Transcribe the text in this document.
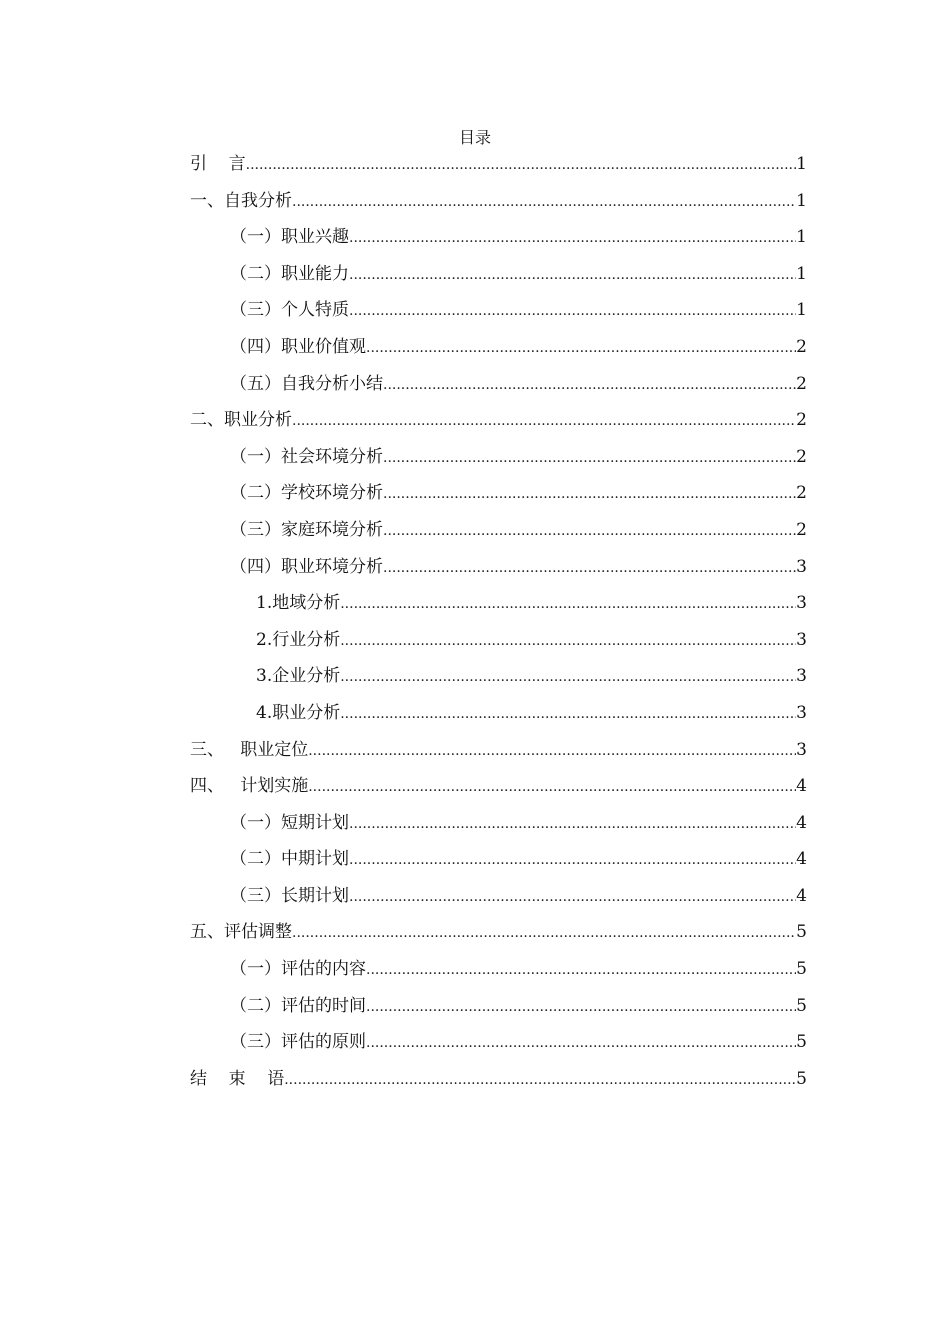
目录
引    言 .....	1
一、自我分析 .....	1
（一）职业兴趣 .....	1
（二）职业能力 .....	1
（三）个人特质 .....	1
（四）职业价值观 .....	2
（五）自我分析小结 .....	2
二、职业分析 .....	2
（一）社会环境分析 .....	2
（二）学校环境分析 .....	2
（三）家庭环境分析 .....	2
（四）职业环境分析 .....	3
1.地域分析 .....	3
2.行业分析 .....	3
3.企业分析 .....	3
4.职业分析 .....	3
三、   职业定位 .....	3
四、   计划实施 .....	4
（一）短期计划 .....	4
（二）中期计划 .....	4
（三）长期计划 .....	4
五、评估调整 .....	5
（一）评估的内容 .....	5
（二）评估的时间 .....	5
（三）评估的原则 .....	5
结    束    语 .....	5
